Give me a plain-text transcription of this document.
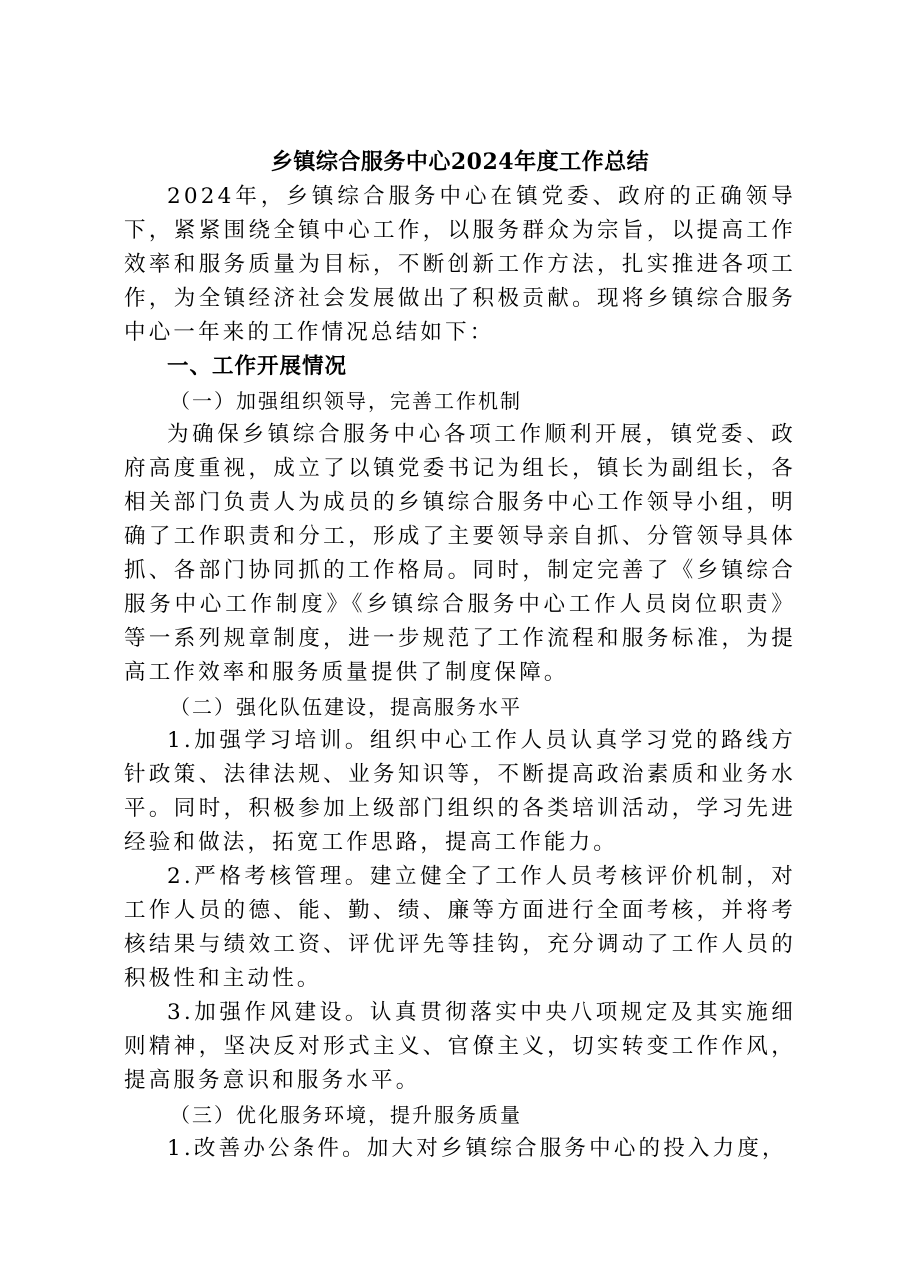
乡镇综合服务中心2024年度工作总结

2024年，乡镇综合服务中心在镇党委、政府的正确领导下，紧紧围绕全镇中心工作，以服务群众为宗旨，以提高工作效率和服务质量为目标，不断创新工作方法，扎实推进各项工作，为全镇经济社会发展做出了积极贡献。现将乡镇综合服务中心一年来的工作情况总结如下：

一、工作开展情况

（一）加强组织领导，完善工作机制

为确保乡镇综合服务中心各项工作顺利开展，镇党委、政府高度重视，成立了以镇党委书记为组长，镇长为副组长，各相关部门负责人为成员的乡镇综合服务中心工作领导小组，明确了工作职责和分工，形成了主要领导亲自抓、分管领导具体抓、各部门协同抓的工作格局。同时，制定完善了《乡镇综合服务中心工作制度》《乡镇综合服务中心工作人员岗位职责》等一系列规章制度，进一步规范了工作流程和服务标准，为提高工作效率和服务质量提供了制度保障。

（二）强化队伍建设，提高服务水平

1.加强学习培训。组织中心工作人员认真学习党的路线方针政策、法律法规、业务知识等，不断提高政治素质和业务水平。同时，积极参加上级部门组织的各类培训活动，学习先进经验和做法，拓宽工作思路，提高工作能力。

2.严格考核管理。建立健全了工作人员考核评价机制，对工作人员的德、能、勤、绩、廉等方面进行全面考核，并将考核结果与绩效工资、评优评先等挂钩，充分调动了工作人员的积极性和主动性。

3.加强作风建设。认真贯彻落实中央八项规定及其实施细则精神，坚决反对形式主义、官僚主义，切实转变工作作风，提高服务意识和服务水平。

（三）优化服务环境，提升服务质量

1.改善办公条件。加大对乡镇综合服务中心的投入力度，
